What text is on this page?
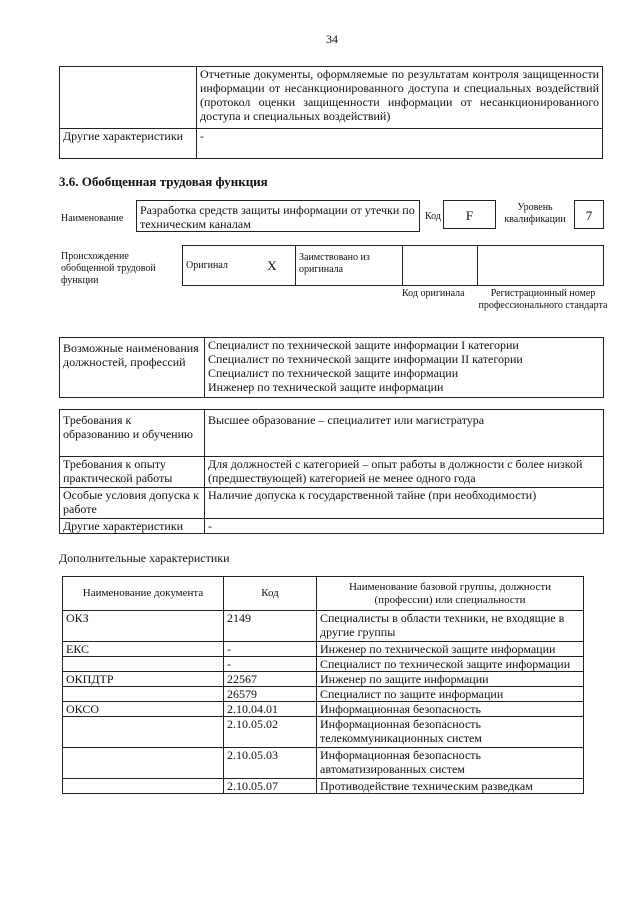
34
	Отчетные документы, оформляемые по результатам контроля защищенности информации от несанкционированного доступа и специальных воздействий (протокол оценки защищенности информации от несанкционированного доступа и специальных воздействий)
Другие характеристики	-
3.6. Обобщенная трудовая функция
Наименование
Разработка средств защиты информации от утечки по техническим каналам
Код	F
Уровень квалификации	7
Происхождение обобщенной трудовой функции
Оригинал	X	Заимствовано из оригинала		
Код оригинала	Регистрационный номер профессионального стандарта
Возможные наименования должностей, профессий	
Специалист по технической защите информации I категории
Специалист по технической защите информации II категории
Специалист по технической защите информации
Инженер по технической защите информации
Требования к образованию и обучению	Высшее образование – специалитет или магистратура
Требования к опыту практической работы	Для должностей с категорией – опыт работы в должности с более низкой (предшествующей) категорией не менее одного года
Особые условия допуска к работе	Наличие допуска к государственной тайне (при необходимости)
Другие характеристики	-
Дополнительные характеристики
Наименование документа	Код	Наименование базовой группы, должности (профессии) или специальности
ОКЗ	2149	Специалисты в области техники, не входящие в другие группы
ЕКС	-	Инженер по технической защите информации
	-	Специалист по технической защите информации
ОКПДТР	22567	Инженер по защите информации
	26579	Специалист по защите информации
ОКСО	2.10.04.01	Информационная безопасность
	2.10.05.02	Информационная безопасность телекоммуникационных систем
	2.10.05.03	Информационная безопасность автоматизированных систем
	2.10.05.07	Противодействие техническим разведкам
